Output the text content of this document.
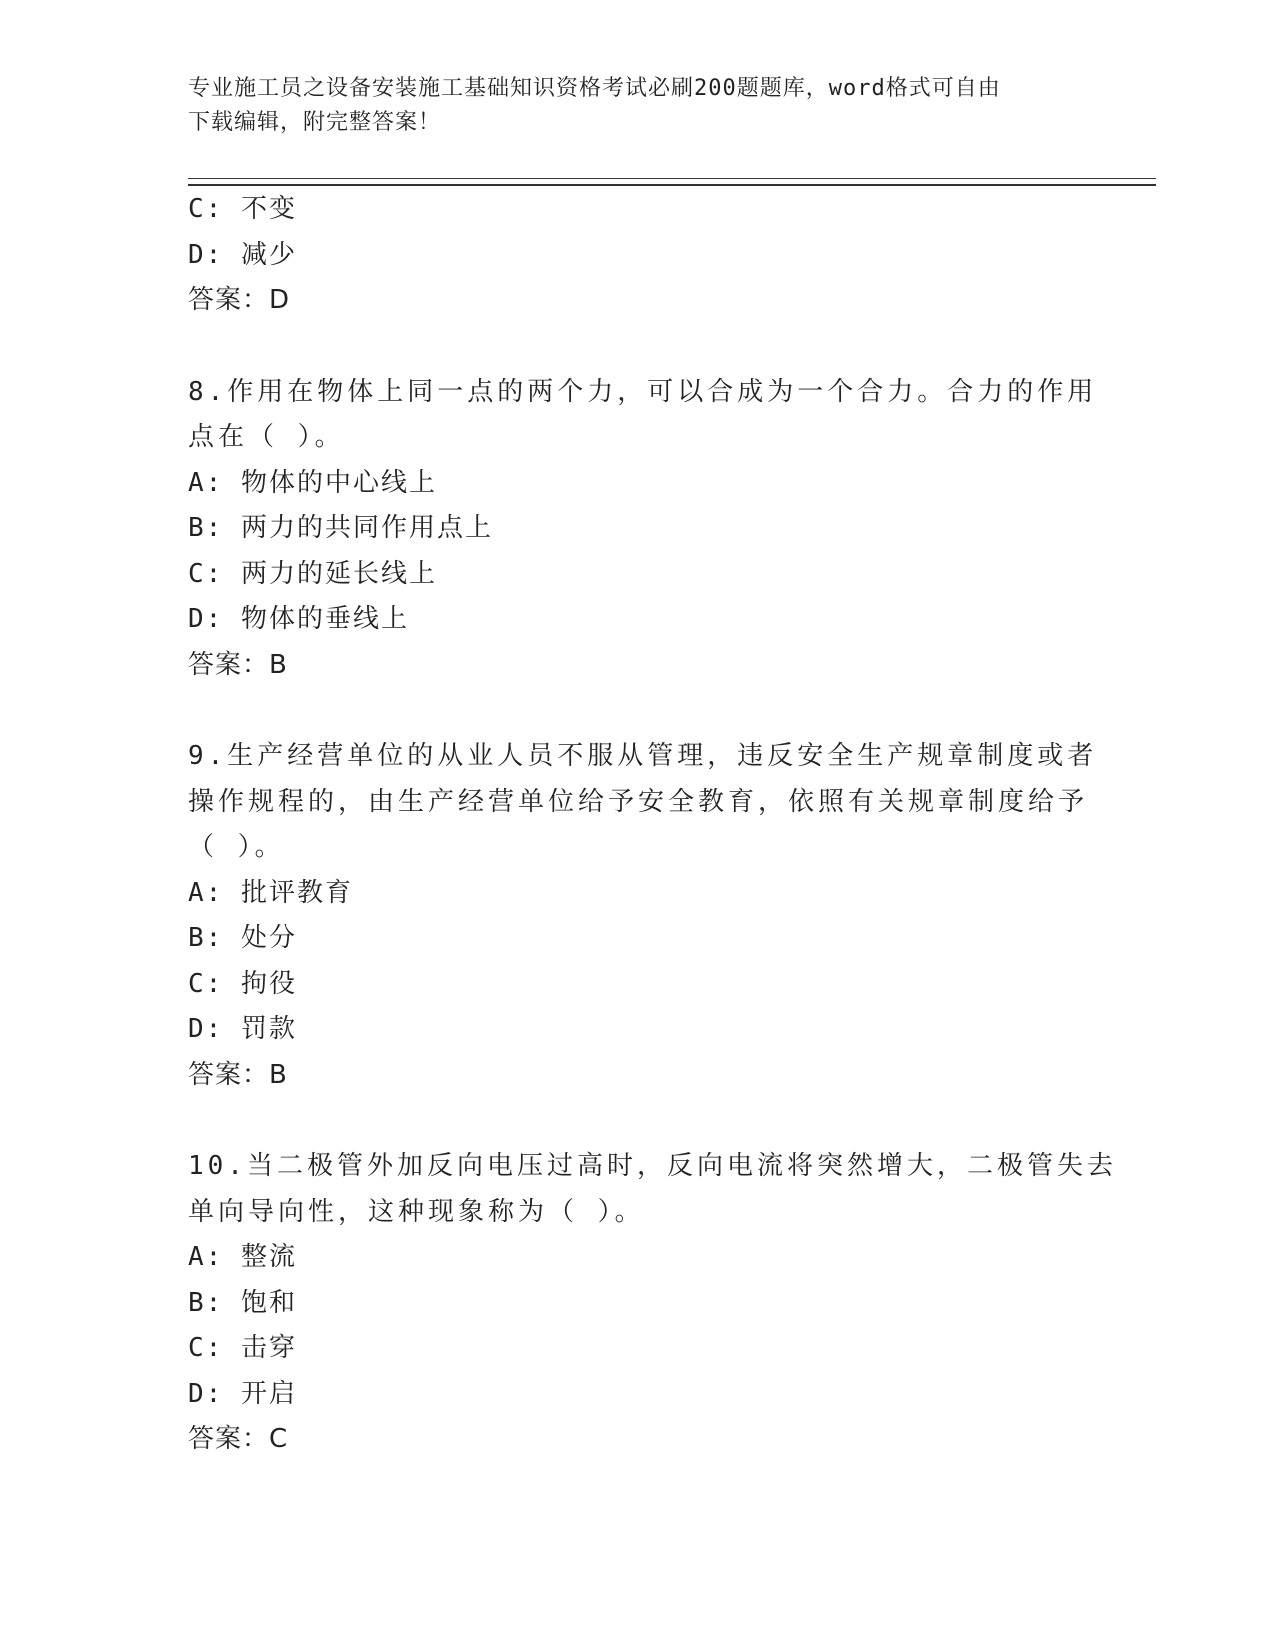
专业施工员之设备安装施工基础知识资格考试必刷200题题库，word格式可自由
下载编辑，附完整答案！
C: 不变
D: 减少
答案：D
8.作用在物体上同一点的两个力，可以合成为一个合力。合力的作用
点在（ ）。
A: 物体的中心线上
B: 两力的共同作用点上
C: 两力的延长线上
D: 物体的垂线上
答案：B
9.生产经营单位的从业人员不服从管理，违反安全生产规章制度或者
操作规程的，由生产经营单位给予安全教育，依照有关规章制度给予
（ ）。
A: 批评教育
B: 处分
C: 拘役
D: 罚款
答案：B
10.当二极管外加反向电压过高时，反向电流将突然增大，二极管失去
单向导向性，这种现象称为（ ）。
A: 整流
B: 饱和
C: 击穿
D: 开启
答案：C
